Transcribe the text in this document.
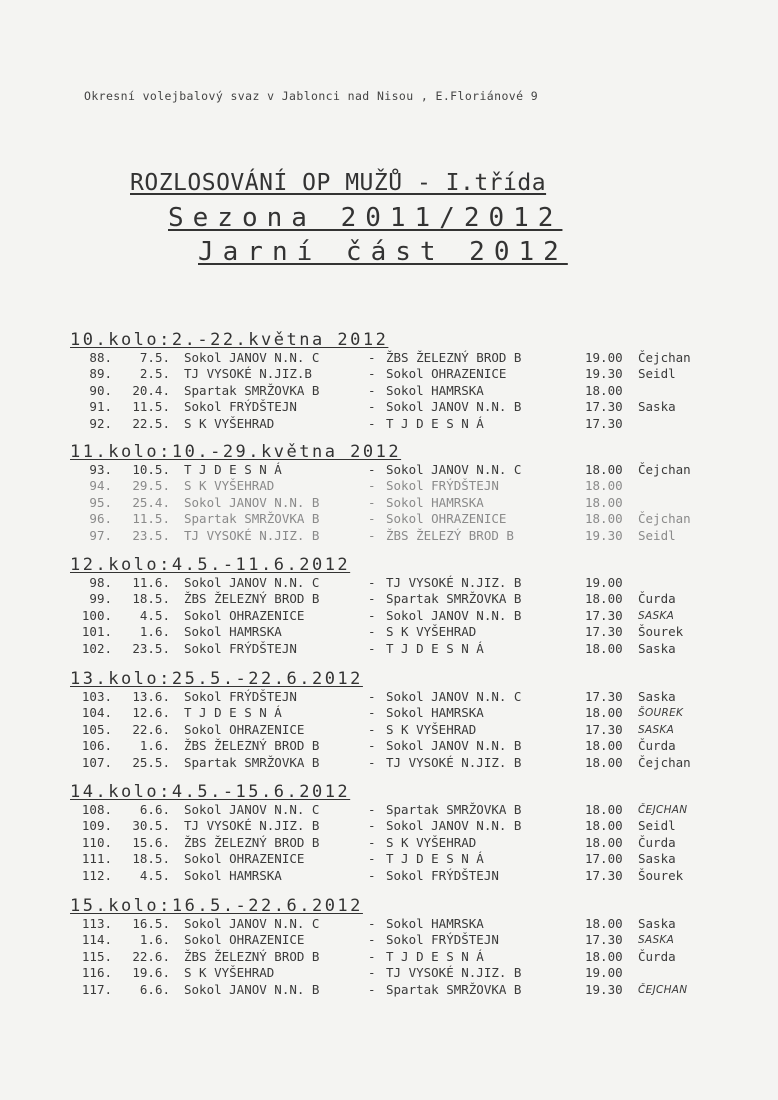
Okresní volejbalový svaz v Jablonci nad Nisou , E.Floriánové 9
ROZLOSOVÁNÍ OP MUŽŮ - I.třída
Sezona 2011/2012
Jarní část 2012
10.kolo:2.-22.května 2012
88.	7.5. Sokol JANOV N.N. C	- ŽBS ŽELEZNÝ BROD B	19.00 Čejchan
89.	2.5. TJ VYSOKÉ N.JIZ.B	- Sokol OHRAZENICE	19.30 Seidl
90.	20.4. Spartak SMRŽOVKA B	- Sokol HAMRSKA	18.00
91.	11.5. Sokol FRÝDŠTEJN	- Sokol JANOV N.N. B	17.30 Saska
92.	22.5. S K VYŠEHRAD	- T J D E S N Á	17.30
11.kolo:10.-29.května 2012
93.	10.5. T J D E S N Á	- Sokol JANOV N.N. C	18.00 Čejchan
94.	29.5. S K VYŠEHRAD	- Sokol FRÝDŠTEJN	18.00
95.	25.4. Sokol JANOV N.N. B	- Sokol HAMRSKA	18.00
96.	11.5. Spartak SMRŽOVKA B	- Sokol OHRAZENICE	18.00 Čejchan
97.	23.5. TJ VYSOKÉ N.JIZ. B	- ŽBS ŽELEZÝ BROD B	19.30 Seidl
12.kolo:4.5.-11.6.2012
98.	11.6. Sokol JANOV N.N. C	- TJ VYSOKÉ N.JIZ. B	19.00
99.	18.5. ŽBS ŽELEZNÝ BROD B	- Spartak SMRŽOVKA B	18.00 Čurda
100.	4.5. Sokol OHRAZENICE	- Sokol JANOV N.N. B	17.30 SASKA
101.	1.6. Sokol HAMRSKA	- S K VYŠEHRAD	17.30 Šourek
102.	23.5. Sokol FRÝDŠTEJN	- T J D E S N Á	18.00 Saska
13.kolo:25.5.-22.6.2012
103.	13.6. Sokol FRÝDŠTEJN	- Sokol JANOV N.N. C	17.30 Saska
104.	12.6. T J D E S N Á	- Sokol HAMRSKA	18.00 ŠOUREK
105.	22.6. Sokol OHRAZENICE	- S K VYŠEHRAD	17.30 SASKA
106.	1.6. ŽBS ŽELEZNÝ BROD B	- Sokol JANOV N.N. B	18.00 Čurda
107.	25.5. Spartak SMRŽOVKA B	- TJ VYSOKÉ N.JIZ. B	18.00 Čejchan
14.kolo:4.5.-15.6.2012
108.	6.6. Sokol JANOV N.N. C	- Spartak SMRŽOVKA B	18.00 ČEJCHAN
109.	30.5. TJ VYSOKÉ N.JIZ. B	- Sokol JANOV N.N. B	18.00 Seidl
110.	15.6. ŽBS ŽELEZNÝ BROD B	- S K VYŠEHRAD	18.00 Čurda
111.	18.5. Sokol OHRAZENICE	- T J D E S N Á	17.00 Saska
112.	4.5. Sokol HAMRSKA	- Sokol FRÝDŠTEJN	17.30 Šourek
15.kolo:16.5.-22.6.2012
113.	16.5. Sokol JANOV N.N. C	- Sokol HAMRSKA	18.00 Saska
114.	1.6. Sokol OHRAZENICE	- Sokol FRÝDŠTEJN	17.30 SASKA
115.	22.6. ŽBS ŽELEZNÝ BROD B	- T J D E S N Á	18.00 Čurda
116.	19.6. S K VYŠEHRAD	- TJ VYSOKÉ N.JIZ. B	19.00
117.	6.6. Sokol JANOV N.N. B	- Spartak SMRŽOVKA B	19.30 ČEJCHAN
